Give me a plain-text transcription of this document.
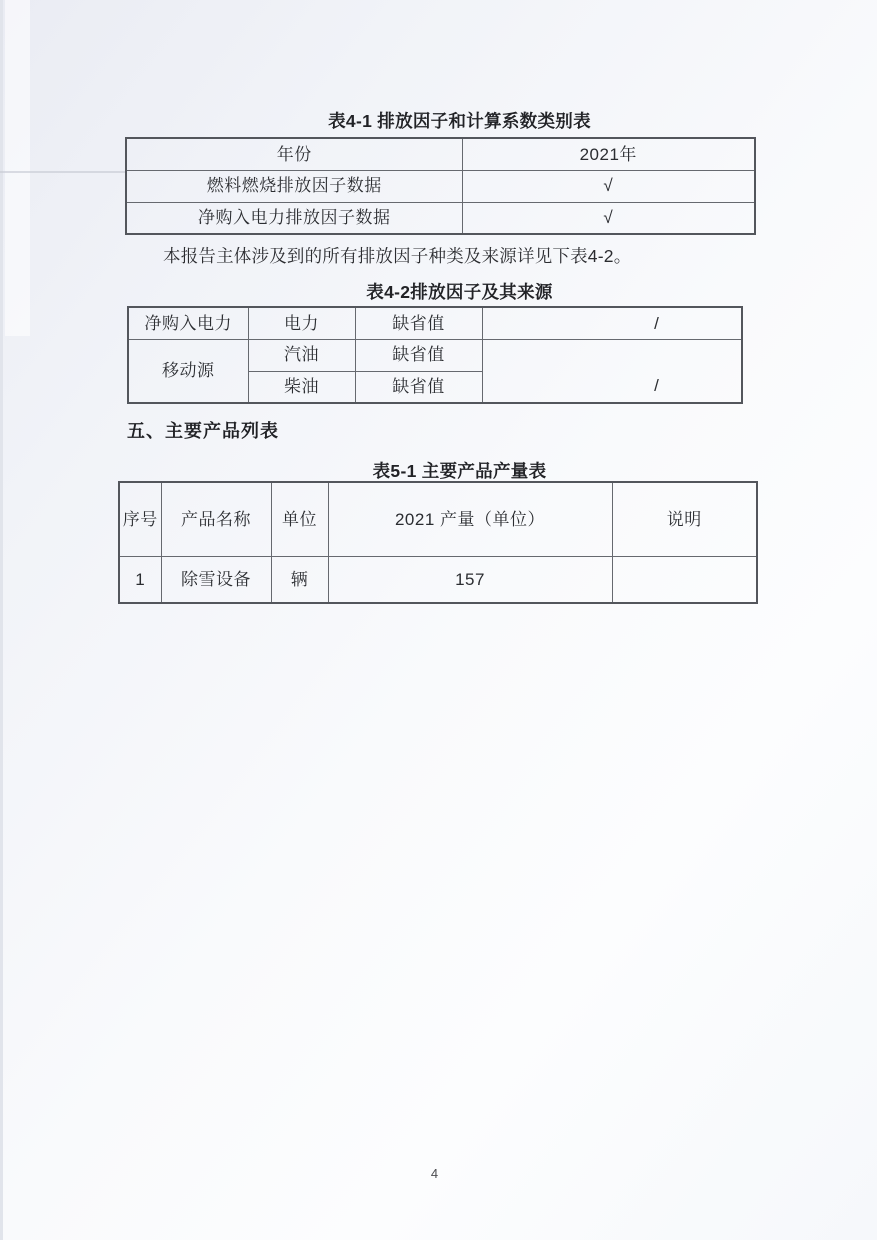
表4-1 排放因子和计算系数类别表
年份	2021年
燃料燃烧排放因子数据	√
净购入电力排放因子数据	√
本报告主体涉及到的所有排放因子种类及来源详见下表4-2。
表4-2排放因子及其来源
净购入电力	电力	缺省值	/
移动源	汽油	缺省值	/
	柴油	缺省值	
五、主要产品列表
表5-1 主要产品产量表
序号	产品名称	单位	2021 产量（单位）	说明
1	除雪设备	辆	157	
4
